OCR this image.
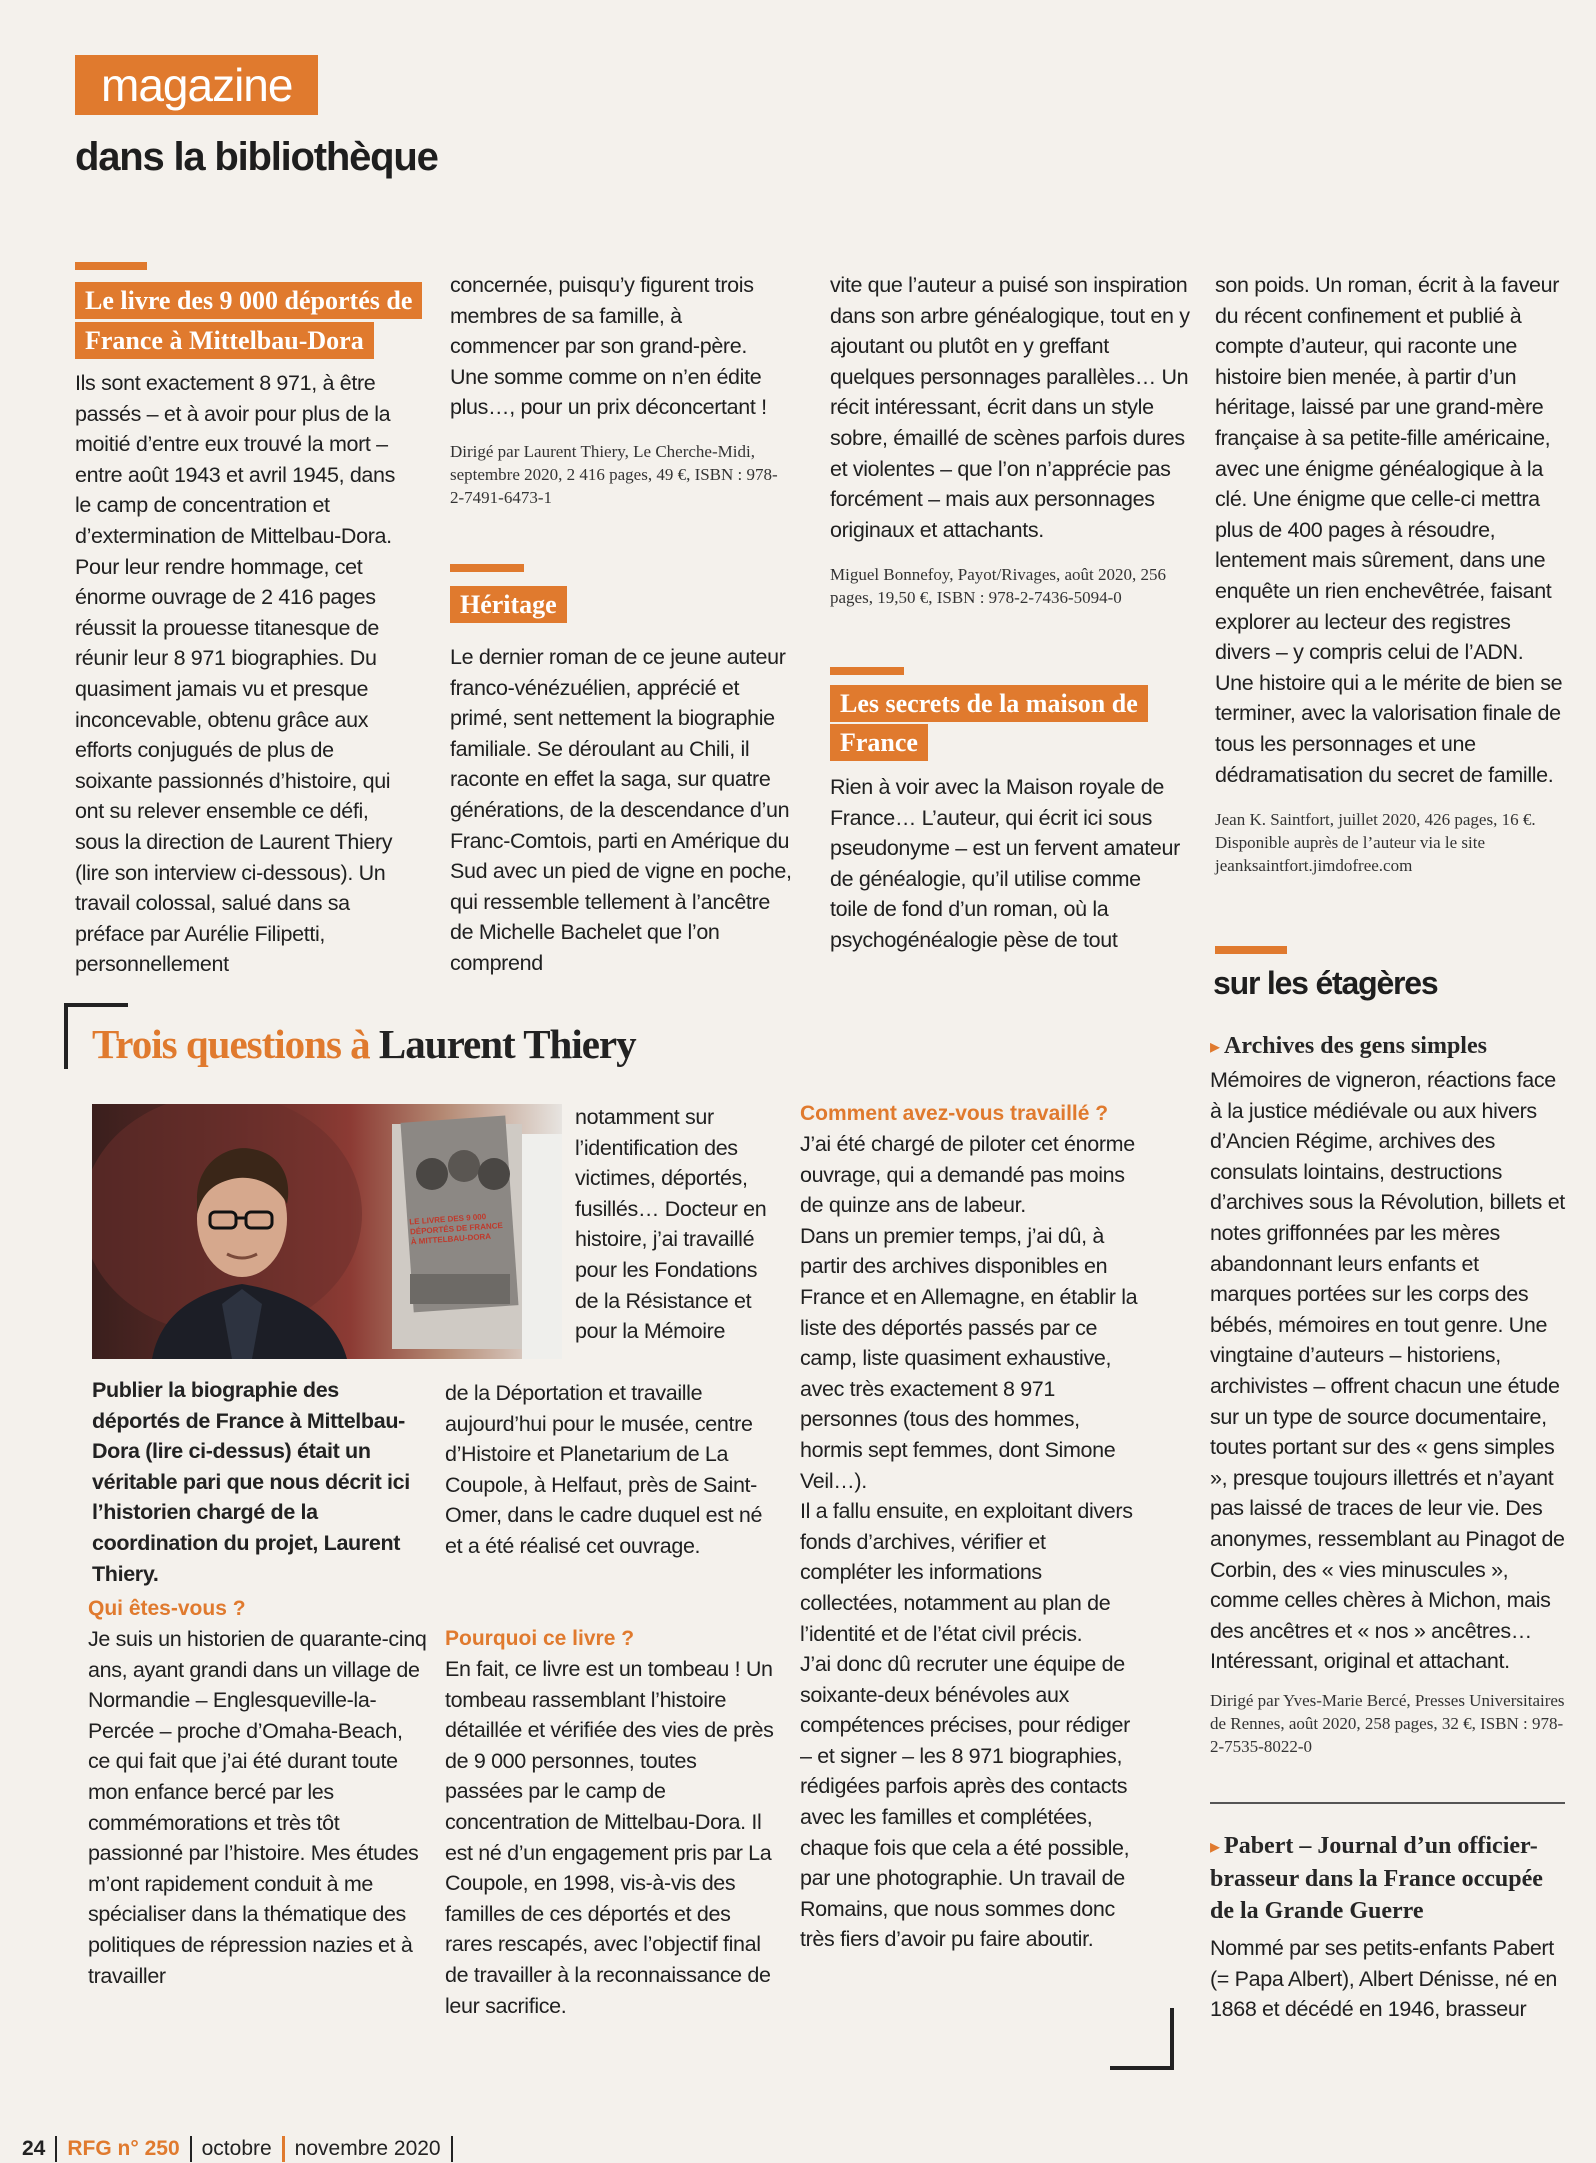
magazine
dans la bibliothèque
Le livre des 9 000 déportés de France à Mittelbau-Dora
Ils sont exactement 8 971, à être passés – et à avoir pour plus de la moitié d’entre eux trouvé la mort – entre août 1943 et avril 1945, dans le camp de concentration et d’extermination de Mittelbau-Dora. Pour leur rendre hommage, cet énorme ouvrage de 2 416 pages réussit la prouesse titanesque de réunir leur 8 971 biographies. Du quasiment jamais vu et presque inconcevable, obtenu grâce aux efforts conjugués de plus de soixante passionnés d’histoire, qui ont su relever ensemble ce défi, sous la direction de Laurent Thiery (lire son interview ci-dessous). Un travail colossal, salué dans sa préface par Aurélie Filipetti, personnellement
concernée, puisqu’y figurent trois membres de sa famille, à commencer par son grand-père. Une somme comme on n’en édite plus…, pour un prix déconcertant !
Dirigé par Laurent Thiery, Le Cherche-Midi, septembre 2020, 2 416 pages, 49 €, ISBN : 978-2-7491-6473-1
Héritage
Le dernier roman de ce jeune auteur franco-vénézuélien, apprécié et primé, sent nettement la biographie familiale. Se déroulant au Chili, il raconte en effet la saga, sur quatre générations, de la descendance d’un Franc-Comtois, parti en Amérique du Sud avec un pied de vigne en poche, qui ressemble tellement à l’ancêtre de Michelle Bachelet que l’on comprend
vite que l’auteur a puisé son inspiration dans son arbre généalogique, tout en y ajoutant ou plutôt en y greffant quelques personnages parallèles… Un récit intéressant, écrit dans un style sobre, émaillé de scènes parfois dures et violentes – que l’on n’apprécie pas forcément – mais aux personnages originaux et attachants.
Miguel Bonnefoy, Payot/Rivages, août 2020, 256 pages, 19,50 €, ISBN : 978-2-7436-5094-0
Les secrets de la maison de France
Rien à voir avec la Maison royale de France… L’auteur, qui écrit ici sous pseudonyme – est un fervent amateur de généalogie, qu’il utilise comme toile de fond d’un roman, où la psychogénéalogie pèse de tout
son poids. Un roman, écrit à la faveur du récent confinement et publié à compte d’auteur, qui raconte une histoire bien menée, à partir d’un héritage, laissé par une grand-mère française à sa petite-fille américaine, avec une énigme généalogique à la clé. Une énigme que celle-ci mettra plus de 400 pages à résoudre, lentement mais sûrement, dans une enquête un rien enchevêtrée, faisant explorer au lecteur des registres divers – y compris celui de l’ADN. Une histoire qui a le mérite de bien se terminer, avec la valorisation finale de tous les personnages et une dédramatisation du secret de famille.
Jean K. Saintfort, juillet 2020, 426 pages, 16 €. Disponible auprès de l’auteur via le site jeanksaintfort.jimdofree.com
Trois questions à Laurent Thiery
LE LIVRE DES 9 000 DÉPORTÉS DE FRANCE À MITTELBAU-DORA
Publier la biographie des déportés de France à Mittelbau-Dora (lire ci-dessus) était un véritable pari que nous décrit ici l’historien chargé de la coordination du projet, Laurent Thiery.
notamment sur l’identification des victimes, déportés, fusillés… Docteur en histoire, j’ai travaillé pour les Fondations de la Résistance et pour la Mémoire
de la Déportation et travaille aujourd’hui pour le musée, centre d’Histoire et Planetarium de La Coupole, à Helfaut, près de Saint-Omer, dans le cadre duquel est né et a été réalisé cet ouvrage.
Qui êtes-vous ?
Je suis un historien de quarante-cinq ans, ayant grandi dans un village de Normandie – Englesqueville-la-Percée – proche d’Omaha-Beach, ce qui fait que j’ai été durant toute mon enfance bercé par les commémorations et très tôt passionné par l’histoire. Mes études m’ont rapidement conduit à me spécialiser dans la thématique des politiques de répression nazies et à travailler
Pourquoi ce livre ?
En fait, ce livre est un tombeau ! Un tombeau rassemblant l’histoire détaillée et vérifiée des vies de près de 9 000 personnes, toutes passées par le camp de concentration de Mittelbau-Dora. Il est né d’un engagement pris par La Coupole, en 1998, vis-à-vis des familles de ces déportés et des rares rescapés, avec l’objectif final de travailler à la reconnaissance de leur sacrifice.
Comment avez-vous travaillé ?

J’ai été chargé de piloter cet énorme ouvrage, qui a demandé pas moins de quinze ans de labeur.

Dans un premier temps, j’ai dû, à partir des archives disponibles en France et en Allemagne, en établir la liste des déportés passés par ce camp, liste quasiment exhaustive, avec très exactement 8 971 personnes (tous des hommes, hormis sept femmes, dont Simone Veil…).

Il a fallu ensuite, en exploitant divers fonds d’archives, vérifier et compléter les informations collectées, notamment au plan de l’identité et de l’état civil précis.

J’ai donc dû recruter une équipe de soixante-deux bénévoles aux compétences précises, pour rédiger – et signer – les 8 971 biographies, rédigées parfois après des contacts avec les familles et complétées, chaque fois que cela a été possible, par une photographie. Un travail de Romains, que nous sommes donc très fiers d’avoir pu faire aboutir.

sur les étagères
▸ Archives des gens simples
Mémoires de vigneron, réactions face à la justice médiévale ou aux hivers d’Ancien Régime, archives des consulats lointains, destructions d’archives sous la Révolution, billets et notes griffonnées par les mères abandonnant leurs enfants et marques portées sur les corps des bébés, mémoires en tout genre. Une vingtaine d’auteurs – historiens, archivistes – offrent chacun une étude sur un type de source documentaire, toutes portant sur des « gens simples », presque toujours illettrés et n’ayant pas laissé de traces de leur vie. Des anonymes, ressemblant au Pinagot de Corbin, des « vies minuscules », comme celles chères à Michon, mais des ancêtres et « nos » ancêtres… Intéressant, original et attachant.
Dirigé par Yves-Marie Bercé, Presses Universitaires de Rennes, août 2020, 258 pages, 32 €, ISBN : 978-2-7535-8022-0
▸ Pabert – Journal d’un officier-brasseur dans la France occupée de la Grande Guerre
Nommé par ses petits-enfants Pabert (= Papa Albert), Albert Dénisse, né en 1868 et décédé en 1946, brasseur
24 RFG n° 250 octobre novembre 2020
